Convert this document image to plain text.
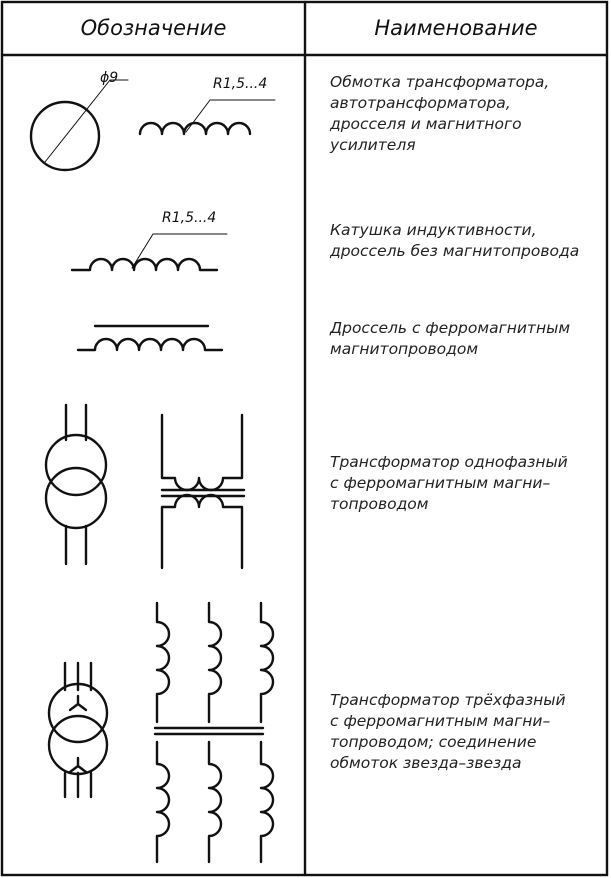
Обозначение	Наименование
ϕ9	R1,5...4
R1,5...4
Обмотка трансформатора,
автотрансформатора,
дросселя и магнитного
усилителя
Катушка индуктивности,
дроссель без магнитопровода
Дроссель с ферромагнитным
магнитопроводом
Трансформатор однофазный
с ферромагнитным магни–
топроводом
Трансформатор трёхфазный
с ферромагнитным магни–
топроводом; соединение
обмоток звезда–звезда
